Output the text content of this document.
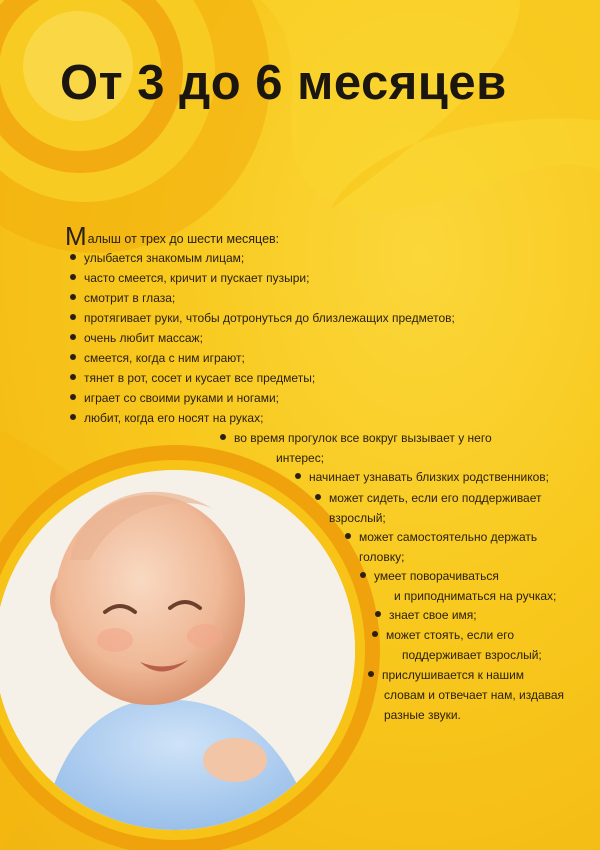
От 3 до 6 месяцев
Малыш от трех до шести месяцев:
улыбается знакомым лицам;
часто смеется, кричит и пускает пузыри;
смотрит в глаза;
протягивает руки, чтобы дотронуться до близлежащих предметов;
очень любит массаж;
смеется, когда с ним играют;
тянет в рот, сосет и кусает все предметы;
играет со своими руками и ногами;
любит, когда его носят на руках;
во время прогулок все вокруг вызывает у него
интерес;
начинает узнавать близких родственников;
может сидеть, если его поддерживает
взрослый;
может самостоятельно держать
головку;
умеет поворачиваться
и приподниматься на ручках;
знает свое имя;
может стоять, если его
поддерживает взрослый;
прислушивается к нашим
словам и отвечает нам, издавая
разные звуки.
